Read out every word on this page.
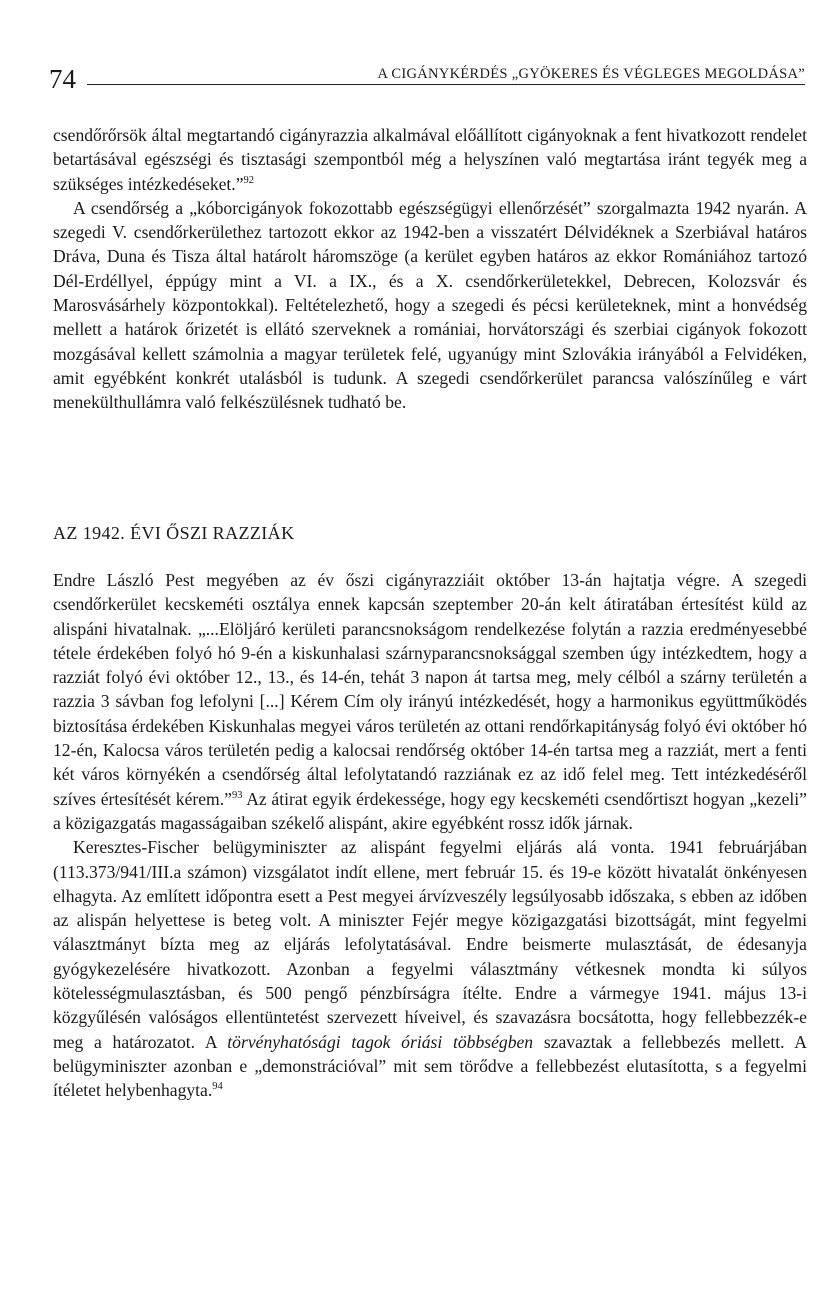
74	A CIGÁNYKÉRDÉS „GYÖKERES ÉS VÉGLEGES MEGOLDÁSA”

csendőrőrsök által megtartandó cigányrazzia alkalmával előállított cigányoknak a fent hivatkozott rendelet betartásával egészségi és tisztasági szempontból még a helyszínen való megtartása iránt tegyék meg a szükséges intézkedéseket.”$^{92}$

A csendőrség a „kóborcigányok fokozottabb egészségügyi ellenőrzését” szorgalmazta 1942 nyarán. A szegedi V. csendőrkerülethez tartozott ekkor az 1942-ben a visszatért Délvidéknek a Szerbiával határos Dráva, Duna és Tisza által határolt háromszöge (a kerület egyben határos az ekkor Romániához tartozó Dél-Erdéllyel, éppúgy mint a VI. a IX., és a X. csendőrkerületekkel, Debrecen, Kolozsvár és Marosvásárhely központokkal). Feltételezhető, hogy a szegedi és pécsi kerületeknek, mint a honvédség mellett a határok őrizetét is ellátó szerveknek a romániai, horvátországi és szerbiai cigányok fokozott mozgásával kellett számolnia a magyar területek felé, ugyanúgy mint Szlovákia irányából a Felvidéken, amit egyébként konkrét utalásból is tudunk. A szegedi csendőrkerület parancsa valószínűleg e várt menekülthullámra való felkészülésnek tudható be.

AZ 1942. ÉVI ŐSZI RAZZIÁK

Endre László Pest megyében az év őszi cigányrazziáit október 13-án hajtatja végre. A szegedi csendőrkerület kecskeméti osztálya ennek kapcsán szeptember 20-án kelt átiratában értesítést küld az alispáni hivatalnak. „...Elöljáró kerületi parancsnokságom rendelkezése folytán a razzia eredményesebbé tétele érdekében folyó hó 9-én a kiskunhalasi szárnyparancsnoksággal szemben úgy intézkedtem, hogy a razziát folyó évi október 12., 13., és 14-én, tehát 3 napon át tartsa meg, mely célból a szárny területén a razzia 3 sávban fog lefolyni [...] Kérem Cím oly irányú intézkedését, hogy a harmonikus együttműködés biztosítása érdekében Kiskunhalas megyei város területén az ottani rendőrkapitányság folyó évi október hó 12-én, Kalocsa város területén pedig a kalocsai rendőrség október 14-én tartsa meg a razziát, mert a fenti két város környékén a csendőrség által lefolytatandó razziának ez az idő felel meg. Tett intézkedéséről szíves értesítését kérem.”$^{93}$ Az átirat egyik érdekessége, hogy egy kecskeméti csendőrtiszt hogyan „kezeli” a közigazgatás magasságaiban székelő alispánt, akire egyébként rossz idők járnak.

Keresztes-Fischer belügyminiszter az alispánt fegyelmi eljárás alá vonta. 1941 februárjában (113.373/941/III.a számon) vizsgálatot indít ellene, mert február 15. és 19-e között hivatalát önkényesen elhagyta. Az említett időpontra esett a Pest megyei árvízveszély legsúlyosabb időszaka, s ebben az időben az alispán helyettese is beteg volt. A miniszter Fejér megye közigazgatási bizottságát, mint fegyelmi választmányt bízta meg az eljárás lefolytatásával. Endre beismerte mulasztását, de édesanyja gyógykezelésére hivatkozott. Azonban a fegyelmi választmány vétkesnek mondta ki súlyos kötelességmulasztásban, és 500 pengő pénzbírságra ítélte. Endre a vármegye 1941. május 13-i közgyűlésén valóságos ellentüntetést szervezett híveivel, és szavazásra bocsátotta, hogy fellebbezzék-e meg a határozatot. A törvényhatósági tagok óriási többségben szavaztak a fellebbezés mellett. A belügyminiszter azonban e „demonstrációval” mit sem törődve a fellebbezést elutasította, s a fegyelmi ítéletet helybenhagyta.$^{94}$
